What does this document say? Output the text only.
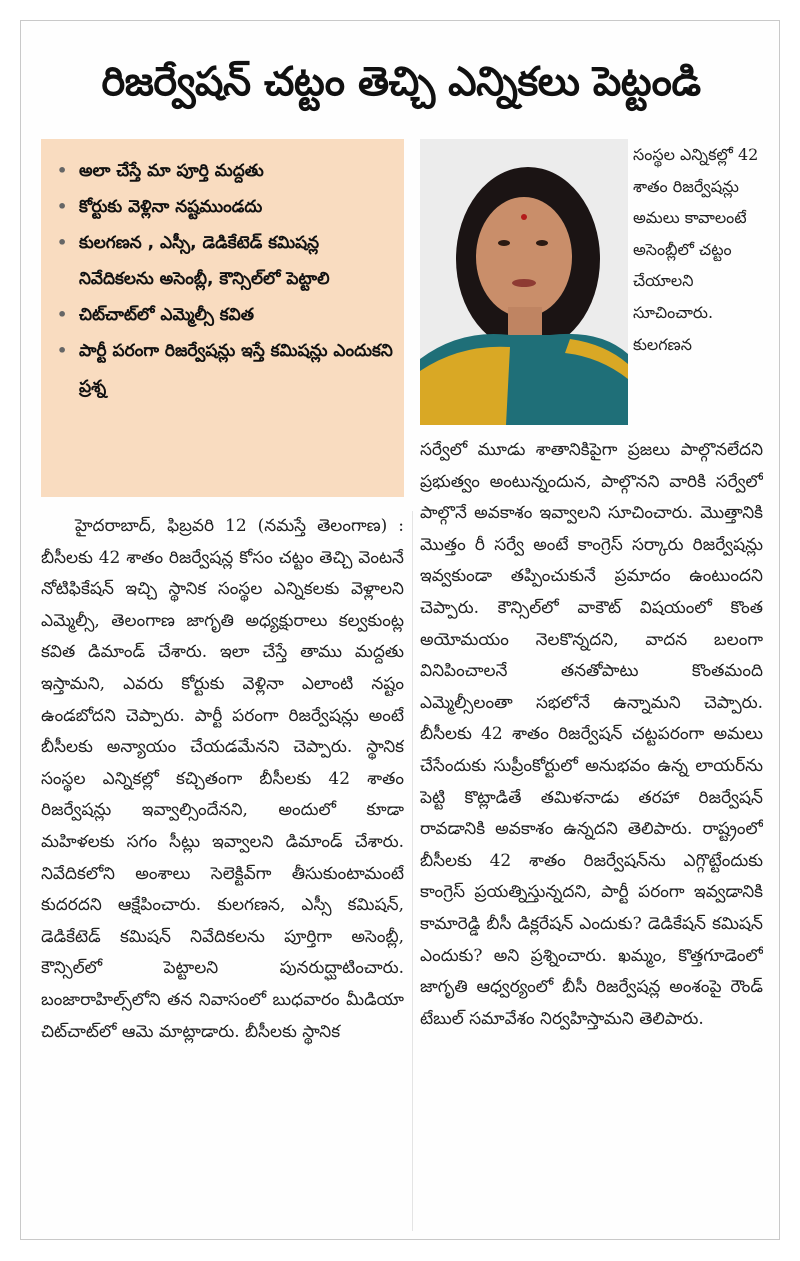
రిజర్వేషన్ చట్టం తెచ్చి ఎన్నికలు పెట్టండి
• అలా చేస్తే మా పూర్తి మద్దతు
• కోర్టుకు వెళ్లినా నష్టముండదు
• కులగణన , ఎస్సీ, డెడికేటెడ్ కమిషన్ల నివేదికలను అసెంబ్లీ, కౌన్సిల్‌లో పెట్టాలి
• చిట్‌చాట్‌లో ఎమ్మెల్సీ కవిత
• పార్టీ పరంగా రిజర్వేషన్లు ఇస్తే కమిషన్లు ఎందుకని ప్రశ్న

సంస్థల ఎన్నికల్లో 42 శాతం రిజర్వేషన్లు అమలు కావాలంటే అసెంబ్లీలో చట్టం చేయాలని సూచించారు. కులగణన

హైదరాబాద్, ఫిబ్రవరి 12 (నమస్తే తెలంగాణ) : బీసీలకు 42 శాతం రిజర్వేషన్ల కోసం చట్టం తెచ్చి వెంటనే నోటిఫికేషన్ ఇచ్చి స్థానిక సంస్థల ఎన్నికలకు వెళ్లాలని ఎమ్మెల్సీ, తెలంగాణ జాగృతి అధ్యక్షురాలు కల్వకుంట్ల కవిత డిమాండ్ చేశారు. ఇలా చేస్తే తాము మద్దతు ఇస్తామని, ఎవరు కోర్టుకు వెళ్లినా ఎలాంటి నష్టం ఉండబోదని చెప్పారు. పార్టీ పరంగా రిజర్వేషన్లు అంటే బీసీలకు అన్యాయం చేయడమేనని చెప్పారు. స్థానిక సంస్థల ఎన్నికల్లో కచ్చితంగా బీసీలకు 42 శాతం రిజర్వేషన్లు ఇవ్వాల్సిందేనని, అందులో కూడా మహిళలకు సగం సీట్లు ఇవ్వాలని డిమాండ్ చేశారు. నివేదికలోని అంశాలు సెలెక్టివ్‌గా తీసుకుంటామంటే కుదరదని ఆక్షేపించారు. కులగణన, ఎస్సీ కమిషన్, డెడికేటెడ్ కమిషన్ నివేదికలను పూర్తిగా అసెంబ్లీ, కౌన్సిల్‌లో పెట్టాలని పునరుద్ఘాటించారు. బంజారాహిల్స్‌లోని తన నివాసంలో బుధవారం మీడియా చిట్‌చాట్‌లో ఆమె మాట్లాడారు. బీసీలకు స్థానిక

సర్వేలో మూడు శాతానికిపైగా ప్రజలు పాల్గొనలేదని ప్రభుత్వం అంటున్నందున, పాల్గొనని వారికి సర్వేలో పాల్గొనే అవకాశం ఇవ్వాలని సూచించారు. మొత్తానికి మొత్తం రీ సర్వే అంటే కాంగ్రెస్ సర్కారు రిజర్వేషన్లు ఇవ్వకుండా తప్పించుకునే ప్రమాదం ఉంటుందని చెప్పారు. కౌన్సిల్‌లో వాకౌట్ విషయంలో కొంత అయోమయం నెలకొన్నదని, వాదన బలంగా వినిపించాలనే తనతోపాటు కొంతమంది ఎమ్మెల్సీలంతా సభలోనే ఉన్నామని చెప్పారు. బీసీలకు 42 శాతం రిజర్వేషన్ చట్టపరంగా అమలు చేసేందుకు సుప్రీంకోర్టులో అనుభవం ఉన్న లాయర్‌ను పెట్టి కొట్లాడితే తమిళనాడు తరహా రిజర్వేషన్ రావడానికి అవకాశం ఉన్నదని తెలిపారు. రాష్ట్రంలో బీసీలకు 42 శాతం రిజర్వేషన్‌ను ఎగ్గొట్టేందుకు కాంగ్రెస్ ప్రయత్నిస్తున్నదని, పార్టీ పరంగా ఇవ్వడానికి కామారెడ్డి బీసీ డిక్లరేషన్ ఎందుకు? డెడికేషన్ కమిషన్ ఎందుకు? అని ప్రశ్నించారు. ఖమ్మం, కొత్తగూడెంలో జాగృతి ఆధ్వర్యంలో బీసీ రిజర్వేషన్ల అంశంపై రౌండ్ టేబుల్ సమావేశం నిర్వహిస్తామని తెలిపారు.
